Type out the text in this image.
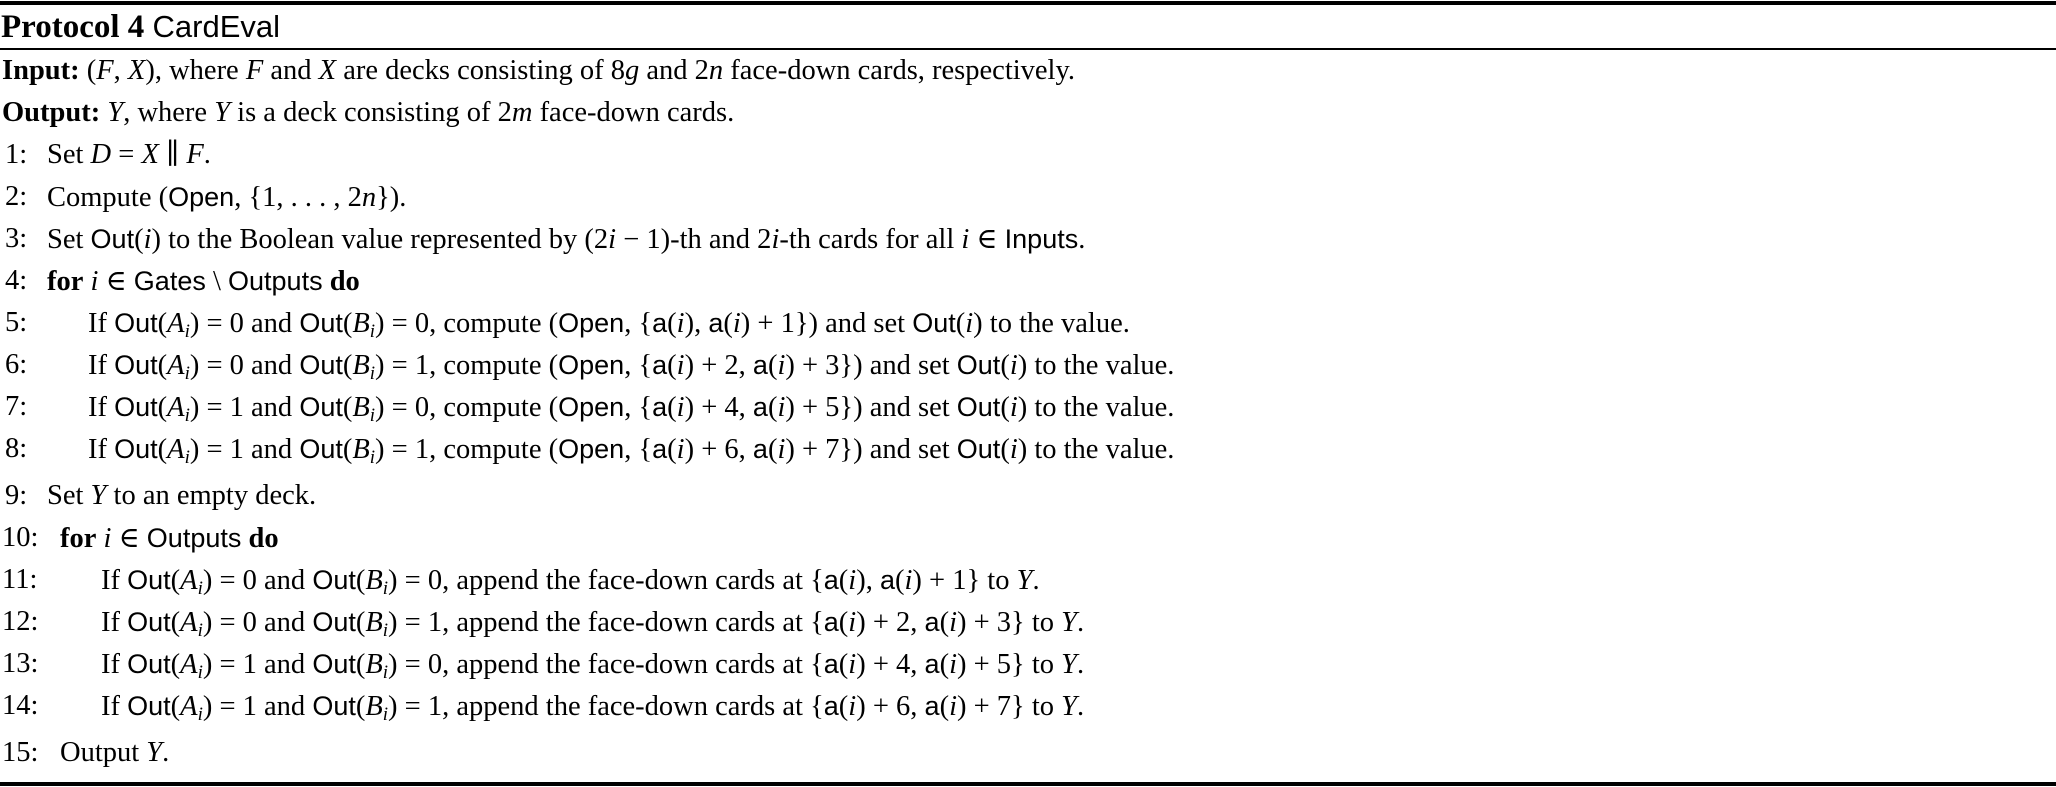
Protocol 4 CardEval
Input: (F, X), where F and X are decks consisting of 8g and 2n face-down cards, respectively.
Output: Y, where Y is a deck consisting of 2m face-down cards.
1: Set D = X ∥ F.
2: Compute (Open, {1, . . . , 2n}).
3: Set Out(i) to the Boolean value represented by (2i − 1)-th and 2i-th cards for all i ∈ Inputs.
4: for i ∈ Gates \ Outputs do
5: If $Out(A_i) = 0$ and $Out(B_i) = 0$, compute (Open, {a(i), a(i) + 1}) and set Out(i) to the value.
6: If $Out(A_i) = 0$ and $Out(B_i) = 1$, compute (Open, {a(i) + 2, a(i) + 3}) and set Out(i) to the value.
7: If $Out(A_i) = 1$ and $Out(B_i) = 0$, compute (Open, {a(i) + 4, a(i) + 5}) and set Out(i) to the value.
8: If $Out(A_i) = 1$ and $Out(B_i) = 1$, compute (Open, {a(i) + 6, a(i) + 7}) and set Out(i) to the value.
9: Set Y to an empty deck.
10: for i ∈ Outputs do
11: If $Out(A_i) = 0$ and $Out(B_i) = 0$, append the face-down cards at {a(i), a(i) + 1} to Y.
12: If $Out(A_i) = 0$ and $Out(B_i) = 1$, append the face-down cards at {a(i) + 2, a(i) + 3} to Y.
13: If $Out(A_i) = 1$ and $Out(B_i) = 0$, append the face-down cards at {a(i) + 4, a(i) + 5} to Y.
14: If $Out(A_i) = 1$ and $Out(B_i) = 1$, append the face-down cards at {a(i) + 6, a(i) + 7} to Y.
15: Output Y.
